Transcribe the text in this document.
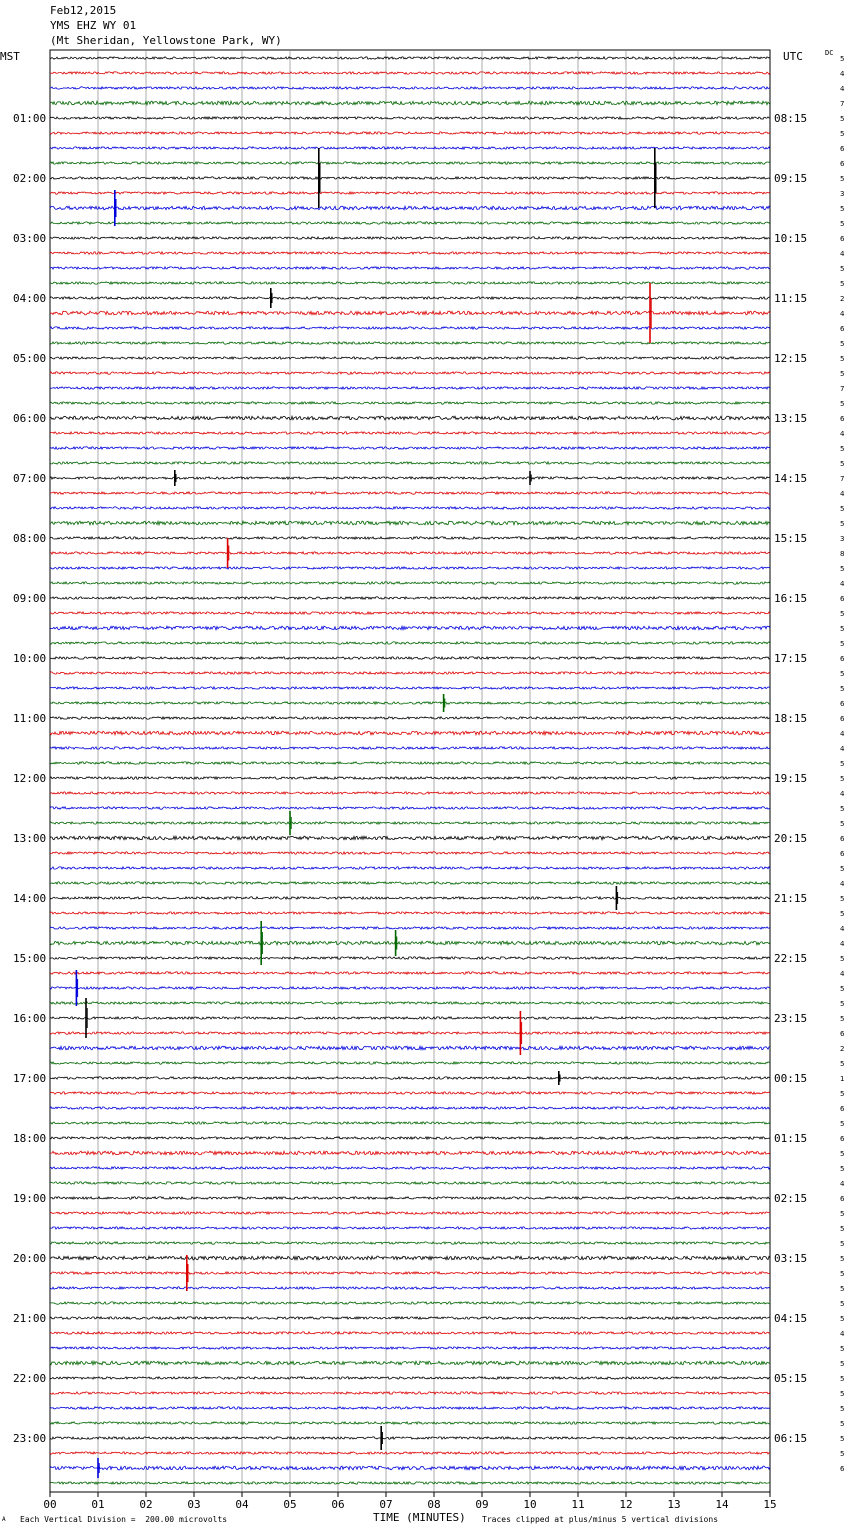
Feb12,2015
YMS EHZ WY 01
(Mt Sheridan, Yellowstone Park, WY)
MST	UTC	DC
01:00
02:00
03:00
04:00
05:00
06:00
07:00
08:00
09:00
10:00
11:00
12:00
13:00
14:00
15:00
16:00
17:00
18:00
19:00
20:00
21:00
22:00
23:00
08:15
09:15
10:15
11:15
12:15
13:15
14:15
15:15
16:15
17:15
18:15
19:15
20:15
21:15
22:15
23:15
00:15
01:15
02:15
03:15
04:15
05:15
06:15
5
4
4
7
5
5
6
6
5
3
5
5
6
4
5
5
2
4
6
5
5
5
7
5
6
4
5
5
7
4
5
5
3
8
5
4
6
5
5
5
6
5
5
6
6
4
4
5
5
4
5
5
6
6
5
4
5
5
4
4
5
4
5
5
5
6
2
5
1
5
6
5
6
5
5
4
6
5
5
5
5
5
5
5
5
4
5
5
5
5
5
5
5
5
6
00	01	02	03	04	05	06	07	08	09	10	11	12	13	14	15
Each Vertical Division =  200.00 microvolts	TIME (MINUTES) Traces clipped at plus/minus 5 vertical divisions
A
